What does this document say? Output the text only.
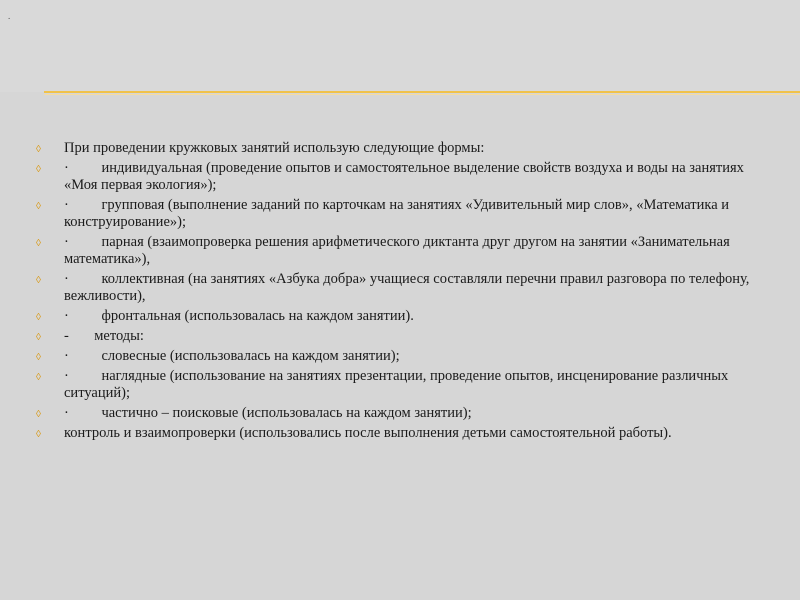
.
◊ При проведении кружковых занятий использую следующие формы:
◊ ·         индивидуальная (проведение опытов и самостоятельное выделение свойств воздуха и воды на занятиях «Моя первая экология»);
◊ ·         групповая (выполнение заданий по карточкам на занятиях «Удивительный мир слов», «Математика и конструирование»);
◊ ·         парная (взаимопроверка решения арифметического диктанта друг другом на занятии «Занимательная математика»),
◊ ·         коллективная (на занятиях «Азбука добра» учащиеся составляли перечни правил разговора по телефону, вежливости),
◊ ·         фронтальная (использовалась на каждом занятии).
◊ -       методы:
◊ ·         словесные (использовалась на каждом занятии);
◊ ·         наглядные (использование на занятиях презентации, проведение опытов, инсценирование различных ситуаций);
◊ ·         частично – поисковые (использовалась на каждом занятии);
◊ контроль и взаимопроверки (использовались после выполнения детьми самостоятельной работы).
